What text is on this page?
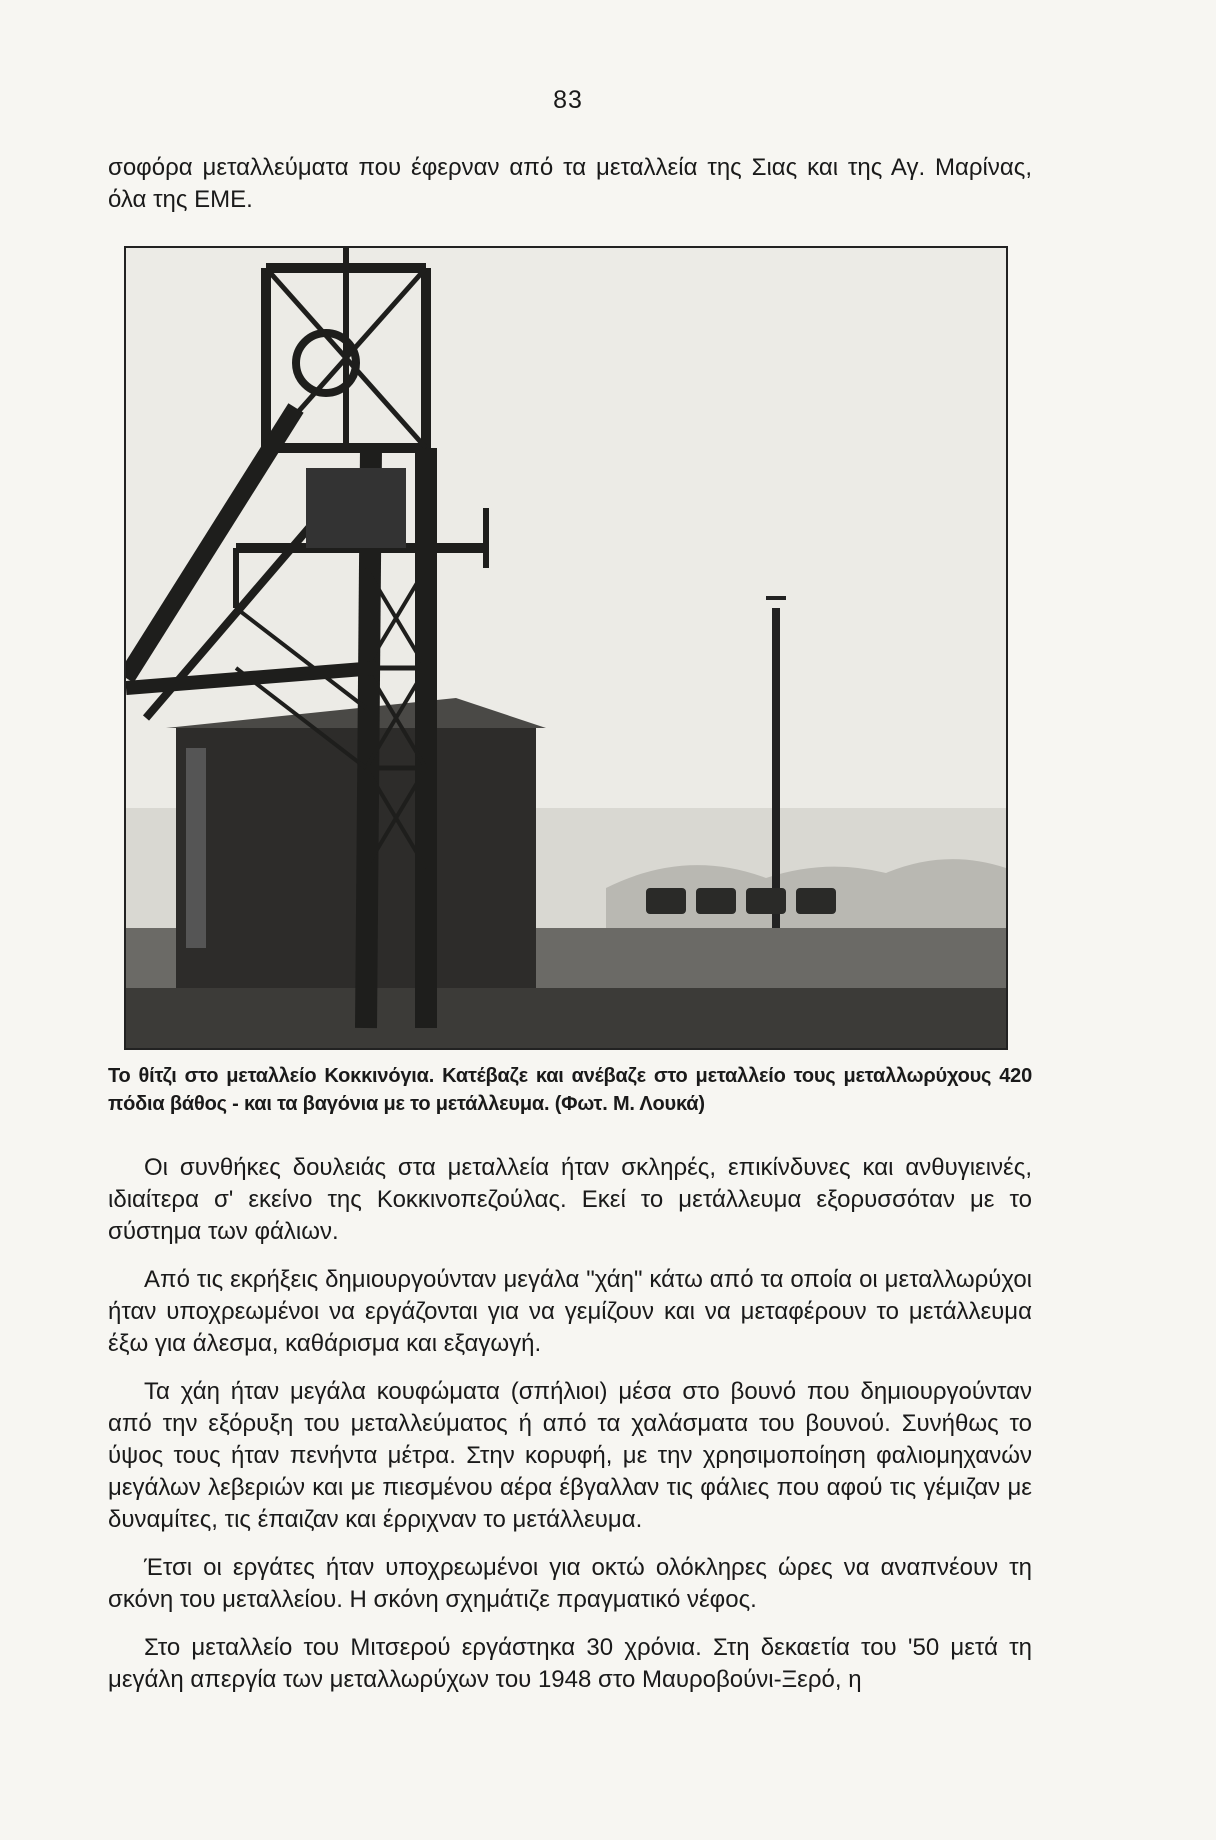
83
σοφόρα μεταλλεύματα που έφερναν από τα μεταλλεία της Σιας και της Αγ. Μαρίνας, όλα της ΕΜΕ.
Το θίτζι στο μεταλλείο Κοκκινόγια. Κατέβαζε και ανέβαζε στο μεταλλείο τους μεταλλωρύχους 420 πόδια βάθος - και τα βαγόνια με το μετάλλευμα. (Φωτ. Μ. Λουκά)

Οι συνθήκες δουλειάς στα μεταλλεία ήταν σκληρές, επικίνδυνες και ανθυγιεινές, ιδιαίτερα σ' εκείνο της Κοκκινοπεζούλας. Εκεί το μετάλλευμα εξορυσσόταν με το σύστημα των φάλιων.

Από τις εκρήξεις δημιουργούνταν μεγάλα "χάη" κάτω από τα οποία οι μεταλλωρύχοι ήταν υποχρεωμένοι να εργάζονται για να γεμίζουν και να μεταφέρουν το μετάλλευμα έξω για άλεσμα, καθάρισμα και εξαγωγή.

Τα χάη ήταν μεγάλα κουφώματα (σπήλιοι) μέσα στο βουνό που δημιουργούνταν από την εξόρυξη του μεταλλεύματος ή από τα χαλάσματα του βουνού. Συνήθως το ύψος τους ήταν πενήντα μέτρα. Στην κορυφή, με την χρησιμοποίηση φαλιομηχανών μεγάλων λεβεριών και με πιεσμένου αέρα έβγαλλαν τις φάλιες που αφού τις γέμιζαν με δυναμίτες, τις έπαιζαν και έρριχναν το μετάλλευμα.

Έτσι οι εργάτες ήταν υποχρεωμένοι για οκτώ ολόκληρες ώρες να αναπνέουν τη σκόνη του μεταλλείου. Η σκόνη σχημάτιζε πραγματικό νέφος.

Στο μεταλλείο του Μιτσερού εργάστηκα 30 χρόνια. Στη δεκαετία του '50 μετά τη μεγάλη απεργία των μεταλλωρύχων του 1948 στο Μαυροβούνι-Ξερό, η
